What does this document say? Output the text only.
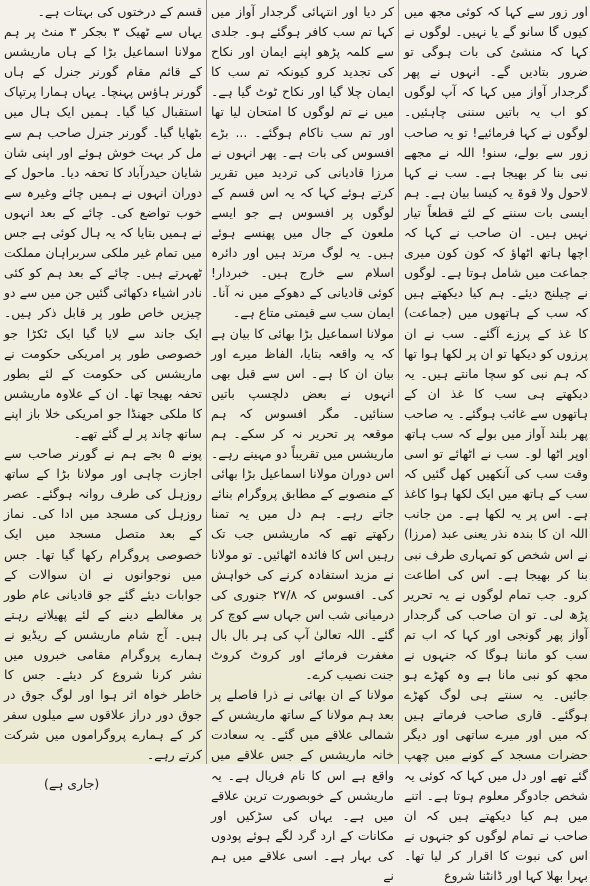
اور زور سے کہا کہ کوئی مجھ میں کیوں گا سانو گے یا نہیں۔ لوگوں نے کہا کہ منشئ کی بات ہوگی تو ضرور بتادیں گے۔ انہوں نے پھر گرجدار آواز میں کہا کہ آپ لوگوں کو اب یہ باتیں سننی چاہئیں۔ لوگوں نے کہا فرمائیے! تو یہ صاحب زور سے بولے، سنو! اللہ نے مجھے نبی بنا کر بھیجا ہے۔ سب نے کہا لاحول ولا قوۃ یہ کیسا بیان ہے۔ ہم ایسی بات سننے کے لئے قطعاً تیار نہیں ہیں۔ ان صاحب نے کہا کہ اچھا ہاتھ اٹھاؤ کہ کون کون میری جماعت میں شامل ہوتا ہے۔ لوگوں نے چیلنج دیئے۔ ہم کیا دیکھتے ہیں کہ سب کے ہاتھوں میں (جماعت) کا غذ کے پرزے آگئے۔ سب نے ان پرزوں کو دیکھا تو ان پر لکھا ہوا تھا کہ ہم نبی کو سچا مانتے ہیں۔ یہ دیکھتے ہی سب کا غذ ان کے ہاتھوں سے غائب ہوگئے۔ یہ صاحب پھر بلند آواز میں بولے کہ سب ہاتھ اوپر اٹھا لو۔ سب نے اٹھائے تو اسی وقت سب کی آنکھیں کھل گئیں کہ سب کے ہاتھ میں ایک لکھا ہوا کاغذ ہے۔ اس پر یہ لکھا ہے۔ من جانب اللہ ان کا بندہ نذر یعنی عبد (مرزا) نے اس شخص کو تمہاری طرف نبی بنا کر بھیجا ہے۔ اس کی اطاعت کرو۔ جب تمام لوگوں نے یہ تحریر پڑھ لی۔ تو ان صاحب کی گرجدار آواز پھر گونجی اور کہا کہ اب تم سب کو ماننا ہوگا کہ جنہوں نے مجھ کو نبی مانا ہے وہ کھڑے ہو جائیں۔ یہ سنتے ہی لوگ کھڑے ہوگئے۔ قاری صاحب فرماتے ہیں کہ میں اور میرے ساتھی اور دیگر حضرات مسجد کے کونے میں چھپ گئے تھے اور دل میں کہا کہ کوئی یہ شخص جادوگر معلوم ہوتا ہے۔ اتنے میں ہم کیا دیکھتے ہیں کہ ان صاحب نے تمام لوگوں کو جنہوں نے اس کی نبوت کا اقرار کر لیا تھا۔ بہرا بھلا کہا اور ڈانٹنا شروع

کر دیا اور انتہائی گرجدار آواز میں کہا تم سب کافر ہوگئے ہو۔ جلدی سے کلمہ پڑھو اپنے ایمان اور نکاح کی تجدید کرو کیونکہ تم سب کا ایمان چلا گیا اور نکاح ٹوٹ گیا ہے۔ میں نے تم لوگوں کا امتحان لیا تھا اور تم سب ناکام ہوگئے۔ ... بڑے افسوس کی بات ہے۔ پھر انہوں نے مرزا قادیانی کی تردید میں تقریر کرتے ہوئے کہا کہ یہ اس قسم کے لوگوں پر افسوس ہے جو ایسے ملعون کے جال میں پھنسے ہوئے ہیں۔ یہ لوگ مرتد ہیں اور دائرہ اسلام سے خارج ہیں۔ خبردار! کوئی قادیانی کے دھوکے میں نہ آنا۔ ایمان سب سے قیمتی متاع ہے۔

مولانا اسماعیل بڑا بھائی کا بیان ہے کہ یہ واقعہ بتایا، الفاظ میرے اور بیان ان کا ہے۔ اس سے قبل بھی انہوں نے بعض دلچسپ باتیں سنائیں۔ مگر افسوس کہ ہم موقعہ پر تحریر نہ کر سکے۔ ہم ماریشس میں تقریباً دو مہینے رہے۔ اس دوران مولانا اسماعیل بڑا بھائی کے منصوبے کے مطابق پروگرام بنائے جاتے رہے۔ ہم دل میں یہ تمنا رکھتے تھے کہ ماریشس جب تک رہیں اس کا فائدہ اٹھائیں۔ تو مولانا نے مزید استفادہ کرنے کی خواہش کی۔ افسوس کہ ۲۷/۸ جنوری کی درمیانی شب اس جہاں سے کوچ کر گئے۔ اللہ تعالیٰ آپ کی ہر بال بال مغفرت فرمائے اور کروٹ کروٹ جنت نصیب کرے۔

مولانا کے ان بھائی نے ذرا فاصلے پر بعد ہم مولانا کے ساتھ ماریشس کے شمالی علاقے میں گئے۔ یہ سعادت خانہ ماریشس کے جس علاقے میں واقع ہے اس کا نام فریال ہے۔ یہ ماریشس کے خوبصورت ترین علاقے میں ہے۔ یہاں کی سڑکیں اور مکانات کے ارد گرد لگے ہوئے پودوں کی بہار ہے۔ اسی علاقے میں ہم نے

قسم کے درختوں کی بہتات ہے۔

یہاں سے ٹھیک ۳ بجکر ۳ منٹ پر ہم مولانا اسماعیل بڑا کے ہاں ماریشس کے قائم مقام گورنر جنرل کے ہاں گورنر ہاؤس پہنچا۔ یہاں ہمارا پرتپاک استقبال کیا گیا۔ ہمیں ایک ہال میں بٹھایا گیا۔ گورنر جنرل صاحب ہم سے مل کر بہت خوش ہوئے اور اپنی شان شایان حیدرآباد کا تحفہ دیا۔ ماحول کے دوران انہوں نے ہمیں چائے وغیرہ سے خوب تواضع کی۔ چائے کے بعد انہوں نے ہمیں بتایا کہ یہ ہال کوئی ہے جس میں تمام غیر ملکی سربراہان مملکت ٹھہرتے ہیں۔ چائے کے بعد ہم کو کئی نادر اشیاء دکھائی گئیں جن میں سے دو چیزیں خاص طور پر قابل ذکر ہیں۔ ایک جاند سے لایا گیا ایک ٹکڑا جو خصوصی طور پر امریکی حکومت نے ماریشس کی حکومت کے لئے بطور تحفہ بھیجا تھا۔ ان کے علاوہ ماریشس کا ملکی جھنڈا جو امریکی خلا باز اپنے ساتھ چاند پر لے گئے تھے۔

پونے ۵ بجے ہم نے گورنر صاحب سے اجازت چاہی اور مولانا بڑا کے ساتھ روزہل کی طرف روانہ ہوگئے۔ عصر روزہل کی مسجد میں ادا کی۔ نماز کے بعد متصل مسجد میں ایک خصوصی پروگرام رکھا گیا تھا۔ جس میں نوجوانوں نے ان سوالات کے جوابات دیئے گئے جو قادیانی عام طور پر مغالطے دینے کے لئے پھیلاتے رہتے ہیں۔ آج شام ماریشس کے ریڈیو نے ہمارے پروگرام مقامی خبروں میں نشر کرنا شروع کر دیئے۔ جس کا خاطر خواہ اثر ہوا اور لوگ جوق در جوق دور دراز علاقوں سے میلوں سفر کر کے ہمارے پروگراموں میں شرکت کرتے رہے۔

(جاری ہے)
